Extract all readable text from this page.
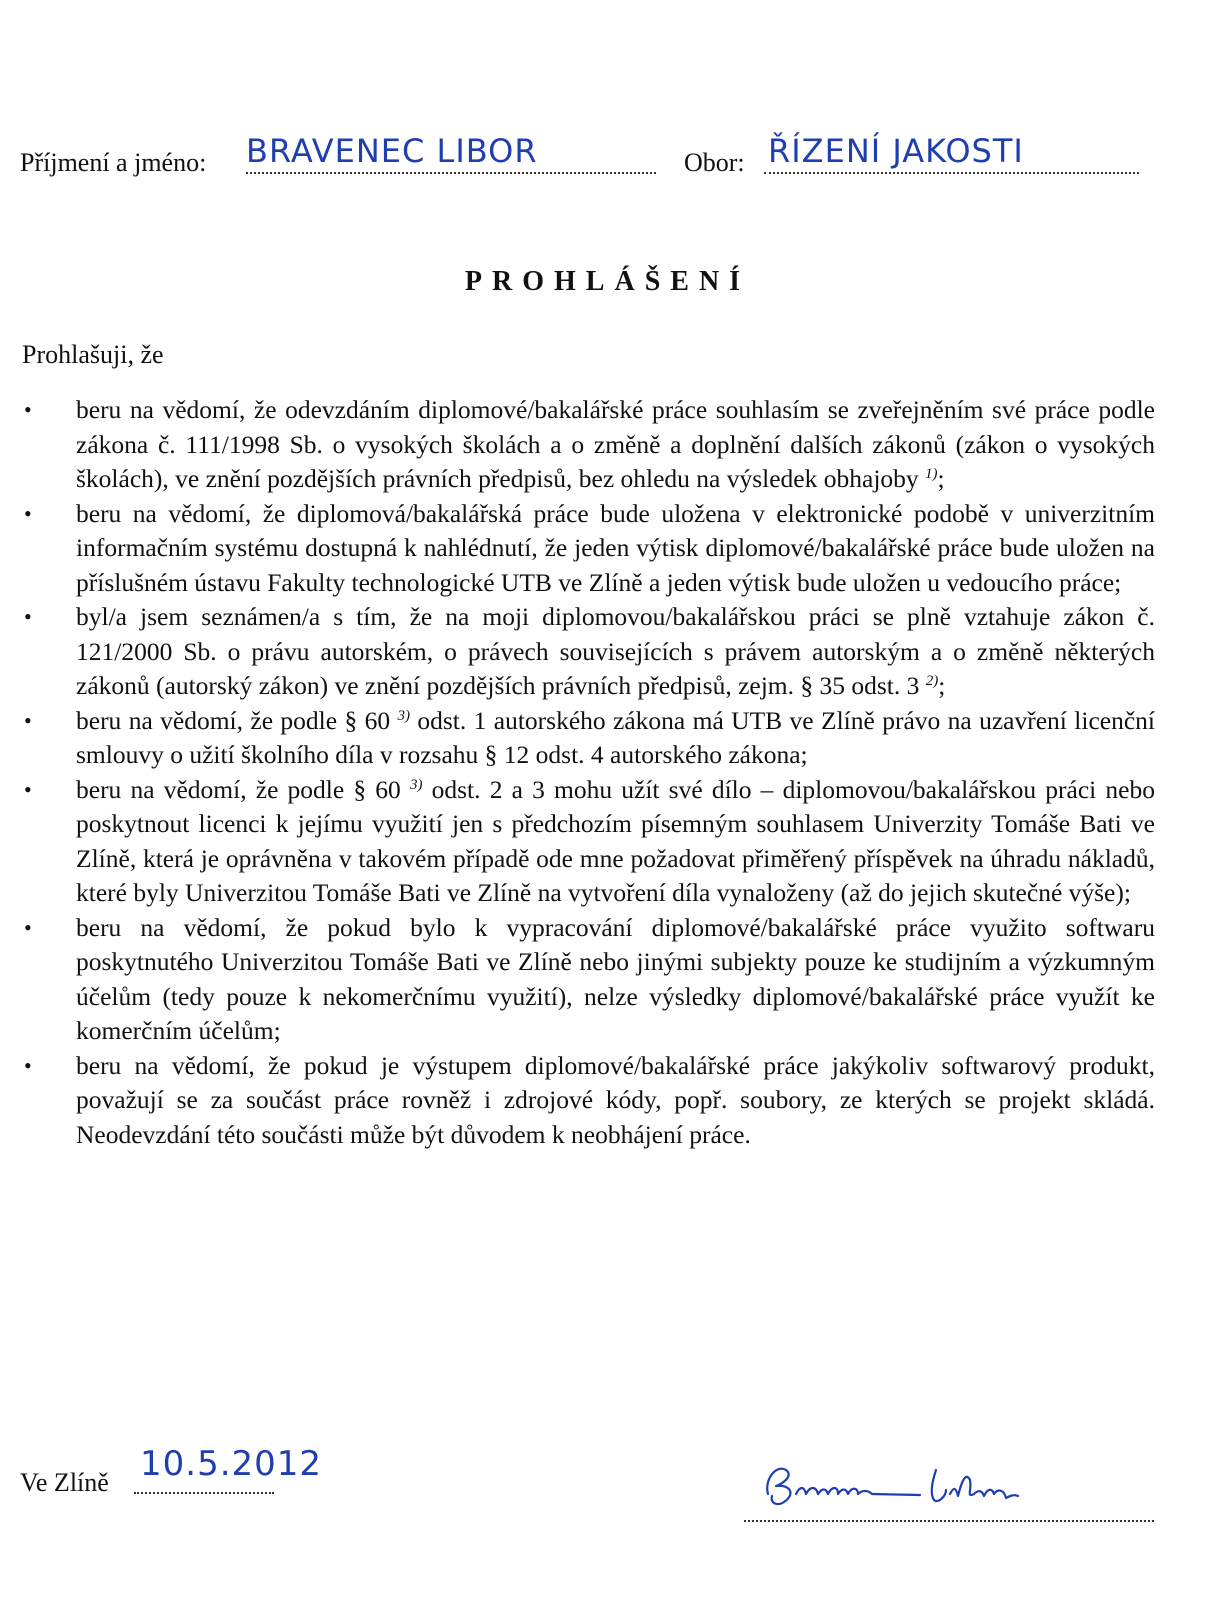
Příjmení a jméno: BRAVENEC LIBOR	Obor: ŘÍZENÍ JAKOSTI
PROHLÁŠENÍ
Prohlašuji, že
• beru na vědomí, že odevzdáním diplomové/bakalářské práce souhlasím se zveřejněním své práce podle zákona č. 111/1998 Sb. o vysokých školách a o změně a doplnění dalších zákonů (zákon o vysokých školách), ve znění pozdějších právních předpisů, bez ohledu na výsledek obhajoby $^{1)}$;
• beru na vědomí, že diplomová/bakalářská práce bude uložena v elektronické podobě v univerzitním informačním systému dostupná k nahlédnutí, že jeden výtisk diplomové/bakalářské práce bude uložen na příslušném ústavu Fakulty technologické UTB ve Zlíně a jeden výtisk bude uložen u vedoucího práce;
• byl/a jsem seznámen/a s tím, že na moji diplomovou/bakalářskou práci se plně vztahuje zákon č. 121/2000 Sb. o právu autorském, o právech souvisejících s právem autorským a o změně některých zákonů (autorský zákon) ve znění pozdějších právních předpisů, zejm. § 35 odst. 3 $^{2)}$;
• beru na vědomí, že podle § 60 $^{3)}$ odst. 1 autorského zákona má UTB ve Zlíně právo na uzavření licenční smlouvy o užití školního díla v rozsahu § 12 odst. 4 autorského zákona;
• beru na vědomí, že podle § 60 $^{3)}$ odst. 2 a 3 mohu užít své dílo – diplomovou/bakalářskou práci nebo poskytnout licenci k jejímu využití jen s předchozím písemným souhlasem Univerzity Tomáše Bati ve Zlíně, která je oprávněna v takovém případě ode mne požadovat přiměřený příspěvek na úhradu nákladů, které byly Univerzitou Tomáše Bati ve Zlíně na vytvoření díla vynaloženy (až do jejich skutečné výše);
• beru na vědomí, že pokud bylo k vypracování diplomové/bakalářské práce využito softwaru poskytnutého Univerzitou Tomáše Bati ve Zlíně nebo jinými subjekty pouze ke studijním a výzkumným účelům (tedy pouze k nekomerčnímu využití), nelze výsledky diplomové/bakalářské práce využít ke komerčním účelům;
• beru na vědomí, že pokud je výstupem diplomové/bakalářské práce jakýkoliv softwarový produkt, považují se za součást práce rovněž i zdrojové kódy, popř. soubory, ze kterých se projekt skládá. Neodevzdání této součásti může být důvodem k neobhájení práce.
Ve Zlíně 10.5.2012
